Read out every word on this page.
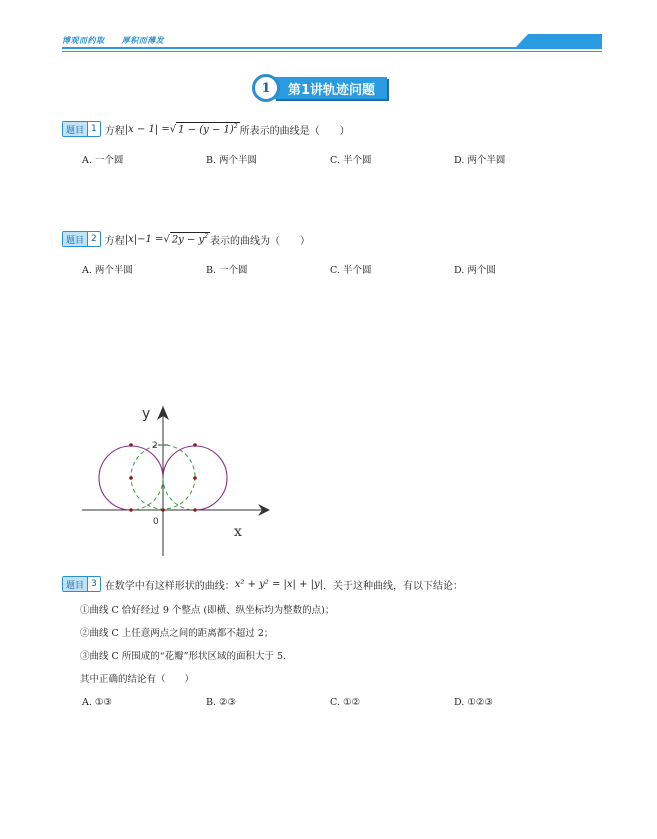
博观而约取 厚积而薄发
1	第1讲轨迹问题
题目 1 方程 |x − 1| = √ $1 - (y - 1)^2$ 所表示的曲线是（　　）
A. 一个圆	B. 两个半圆	C. 半个圆	D. 两个半圆
题目 2 方程 |x|−1 = √ $2y - y^2$ 表示的曲线为（　　）
A. 两个半圆	B. 一个圆	C. 半个圆	D. 两个圆
y
x
2
0
题目 3 在数学中有这样形状的曲线： x² + y² = |x| + |y| ．关于这种曲线，有以下结论：
①曲线 C 恰好经过 9 个整点 (即横、纵坐标均为整数的点)；
②曲线 C 上任意两点之间的距离都不超过 2；
③曲线 C 所围成的“花瓣”形状区域的面积大于 5.
其中正确的结论有（　　）
A. ①③	B. ②③	C. ①②	D. ①②③
